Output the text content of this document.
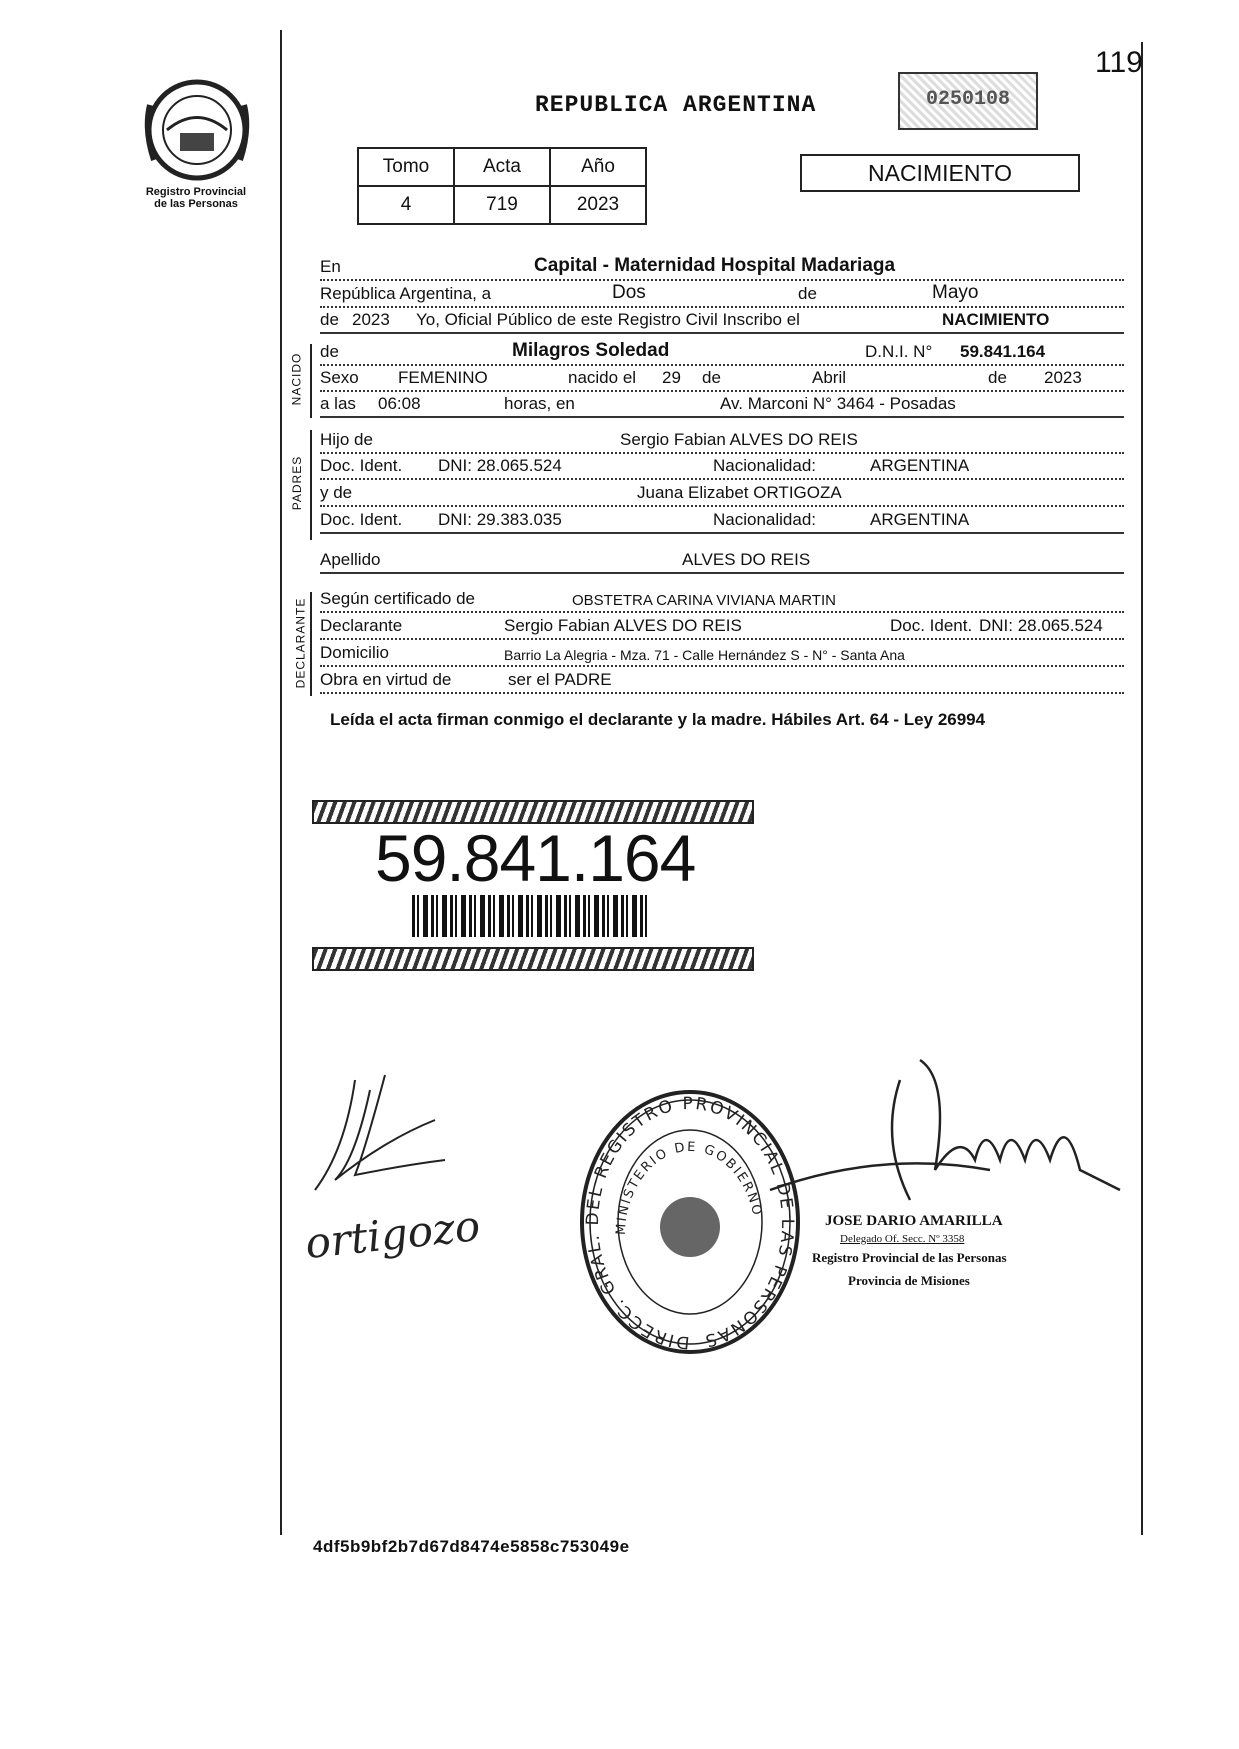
119
Registro Provincial
de las Personas
REPUBLICA ARGENTINA	0250108
Tomo	Acta	Año
4	719	2023
NACIMIENTO
En	Capital - Maternidad Hospital Madariaga
República Argentina, a	Dos	de	Mayo
de 2023 Yo, Oficial Público de este Registro Civil Inscribo el	NACIMIENTO
NACIDO
de	Milagros Soledad	D.N.I. N° 59.841.164
Sexo FEMENINO	nacido el 29 de	Abril	de 2023
a las 06:08	horas, en	Av. Marconi N° 3464 - Posadas
PADRES
Hijo de	Sergio Fabian ALVES DO REIS
Doc. Ident. DNI: 28.065.524	Nacionalidad:	ARGENTINA
y de	Juana Elizabet ORTIGOZA
Doc. Ident. DNI: 29.383.035	Nacionalidad:	ARGENTINA
Apellido	ALVES DO REIS
DECLARANTE Según certificado de	OBSTETRA CARINA VIVIANA MARTIN
Declarante	Sergio Fabian ALVES DO REIS	Doc. Ident. DNI: 28.065.524
Domicilio	Barrio La Alegria - Mza. 71 - Calle Hernández S - N° - Santa Ana
Obra en virtud de	ser el PADRE
Leída el acta firman conmigo el declarante y la madre. Hábiles Art. 64 - Ley 26994
59.841.164
ortigozo
DIRECC. GRAL. DEL REGISTRO PROVINCIAL DE LAS PERSONAS
MINISTERIO DE GOBIERNO
JOSE DARIO AMARILLA
Delegado Of. Secc. Nº 3358
Registro Provincial de las Personas
Provincia de Misiones
4df5b9bf2b7d67d8474e5858c753049e
